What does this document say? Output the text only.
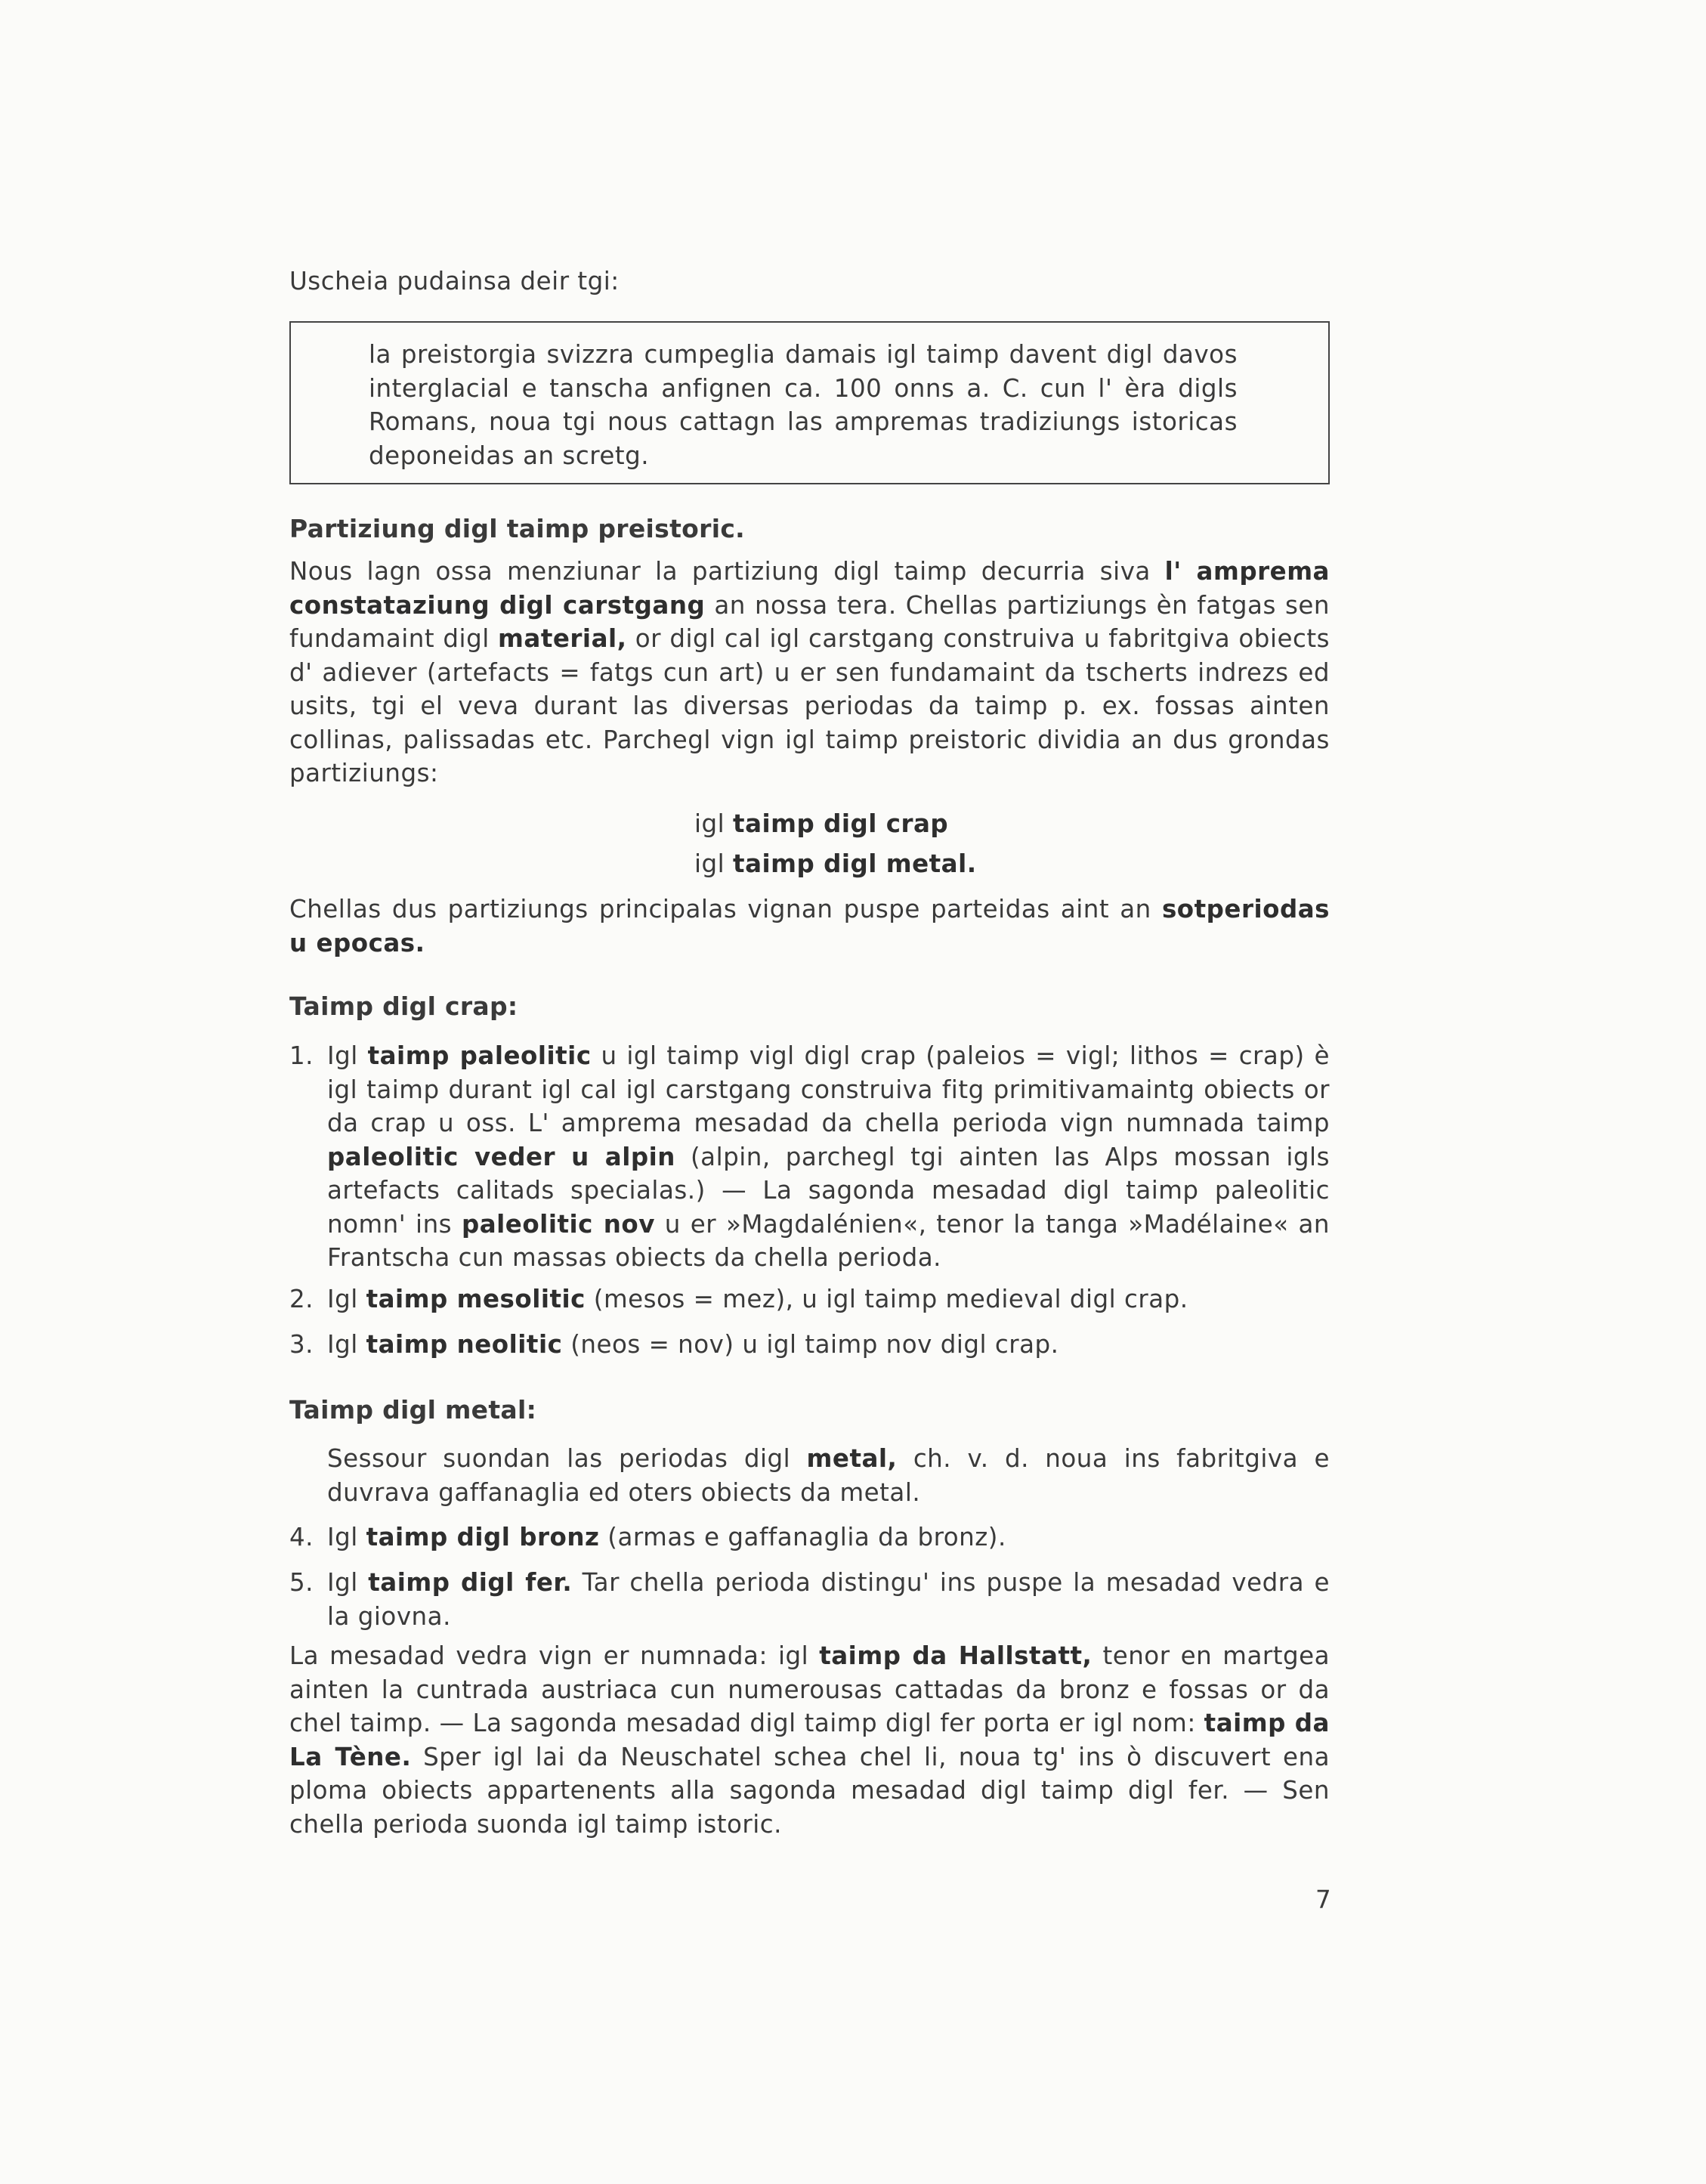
Uscheia pudainsa deir tgi:

la preistorgia svizzra cumpeglia damais igl taimp davent digl davos interglacial e tanscha anfignen ca. 100 onns a. C. cun l' èra digls Romans, noua tgi nous cattagn las ampremas tradiziungs istoricas deponeidas an scretg.
Partiziung digl taimp preistoric.

Nous lagn ossa menziunar la partiziung digl taimp decurria siva l' amprema constataziung digl carstgang an nossa tera. Chellas partiziungs èn fatgas sen fundamaint digl material, or digl cal igl carstgang construiva u fabritgiva obiects d' adiever (artefacts = fatgs cun art) u er sen fundamaint da tscherts indrezs ed usits, tgi el veva durant las diversas periodas da taimp p. ex. fossas ainten collinas, palissadas etc. Parchegl vign igl taimp preistoric dividia an dus grondas partiziungs:

igl taimp digl crap
igl taimp digl metal.

Chellas dus partiziungs principalas vignan puspe parteidas aint an sotperiodas u epocas.

Taimp digl crap:
1. Igl taimp paleolitic u igl taimp vigl digl crap (paleios = vigl; lithos = crap) è igl taimp durant igl cal igl carstgang construiva fitg primitivamaintg obiects or da crap u oss. L' amprema mesadad da chella perioda vign numnada taimp paleolitic veder u alpin (alpin, parchegl tgi ainten las Alps mossan igls artefacts calitads specialas.) — La sagonda mesadad digl taimp paleolitic nomn' ins paleolitic nov u er »Magdalénien«, tenor la tanga »Madélaine« an Frantscha cun massas obiects da chella perioda.
2. Igl taimp mesolitic (mesos = mez), u igl taimp medieval digl crap.
3. Igl taimp neolitic (neos = nov) u igl taimp nov digl crap.
Taimp digl metal:

Sessour suondan las periodas digl metal, ch. v. d. noua ins fabritgiva e duvrava gaffanaglia ed oters obiects da metal.

4. Igl taimp digl bronz (armas e gaffanaglia da bronz).
5. Igl taimp digl fer. Tar chella perioda distingu' ins puspe la mesadad vedra e la giovna.

La mesadad vedra vign er numnada: igl taimp da Hallstatt, tenor en martgea ainten la cuntrada austriaca cun numerousas cattadas da bronz e fossas or da chel taimp. — La sagonda mesadad digl taimp digl fer porta er igl nom: taimp da La Tène. Sper igl lai da Neuschatel schea chel li, noua tg' ins ò discuvert ena ploma obiects appartenents alla sagonda mesadad digl taimp digl fer. — Sen chella perioda suonda igl taimp istoric.

7
